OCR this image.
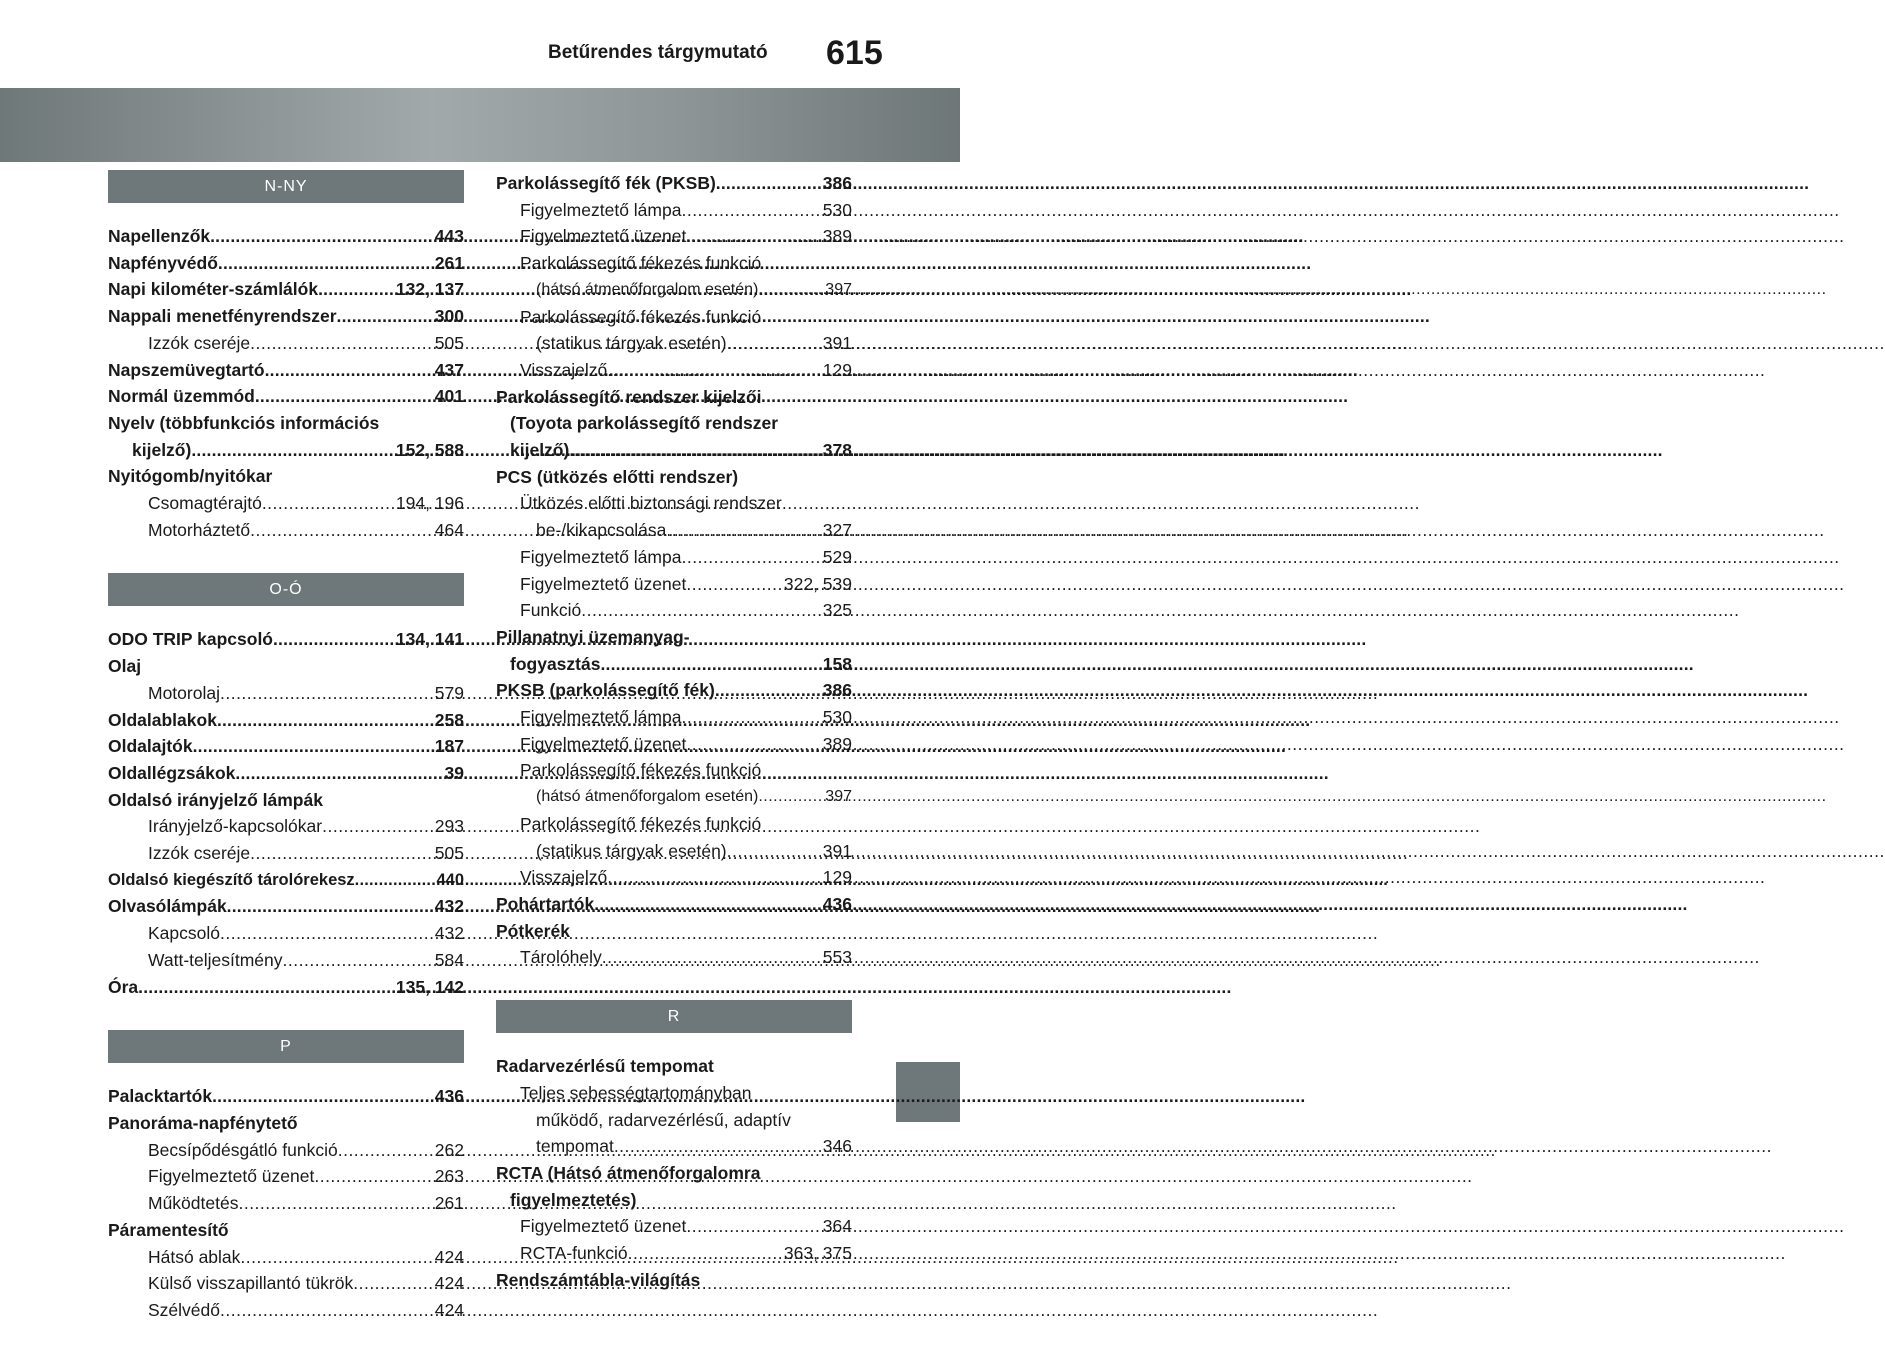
Betűrendes tárgymutató 615
N-NY
Napellenzők .....	443
Napfényvédő .....	261
Napi kilométer-számlálók .....	132, 137
Nappali menetfényrendszer .....	300
Izzók cseréje .....	505
Napszemüvegtartó .....	437
Normál üzemmód .....	401
Nyelv (többfunkciós információs
kijelző) .....	152, 588
Nyitógomb/nyitókar
Csomagtérajtó .....	194, 196
Motorháztető .....	464
O-Ó
ODO TRIP kapcsoló .....	134, 141
Olaj
Motorolaj .....	579
Oldalablakok .....	258
Oldalajtók .....	187
Oldallégzsákok .....	39
Oldalsó irányjelző lámpák
Irányjelző-kapcsolókar .....	293
Izzók cseréje .....	505
Oldalsó kiegészítő tárolórekesz .....	440
Olvasólámpák .....	432
Kapcsoló .....	432
Watt-teljesítmény .....	584
Óra .....	135, 142
P
Palacktartók .....	436
Panoráma-napfénytető
Becsípődésgátló funkció .....	262
Figyelmeztető üzenet .....	263
Működtetés .....	261
Páramentesítő
Hátsó ablak .....	424
Külső visszapillantó tükrök .....	424
Szélvédő .....	424
Parkolássegítő fék (PKSB) .....	386
Figyelmeztető lámpa .....	530
Figyelmeztető üzenet .....	389
Parkolássegítő fékezés funkció
(hátsó átmenőforgalom esetén) .....	397
Parkolássegítő fékezés funkció
(statikus tárgyak esetén) .....	391
Visszajelző .....	129
Parkolássegítő rendszer kijelzői
(Toyota parkolássegítő rendszer
kijelző) .....	378
PCS (ütközés előtti rendszer)
Ütközés előtti biztonsági rendszer
be-/kikapcsolása .....	327
Figyelmeztető lámpa .....	529
Figyelmeztető üzenet .....	322, 539
Funkció .....	325
Pillanatnyi üzemanyag-
fogyasztás .....	158
PKSB (parkolássegítő fék) .....	386
Figyelmeztető lámpa .....	530
Figyelmeztető üzenet .....	389
Parkolássegítő fékezés funkció
(hátsó átmenőforgalom esetén) .....	397
Parkolássegítő fékezés funkció
(statikus tárgyak esetén) .....	391
Visszajelző .....	129
Pohártartók .....	436
Pótkerék
Tárolóhely .....	553
R
Radarvezérlésű tempomat
Teljes sebességtartományban
működő, radarvezérlésű, adaptív
tempomat .....	346
RCTA (Hátsó átmenőforgalomra
figyelmeztetés)
Figyelmeztető üzenet .....	364
RCTA-funkció .....	363, 375
Rendszámtábla-világítás
